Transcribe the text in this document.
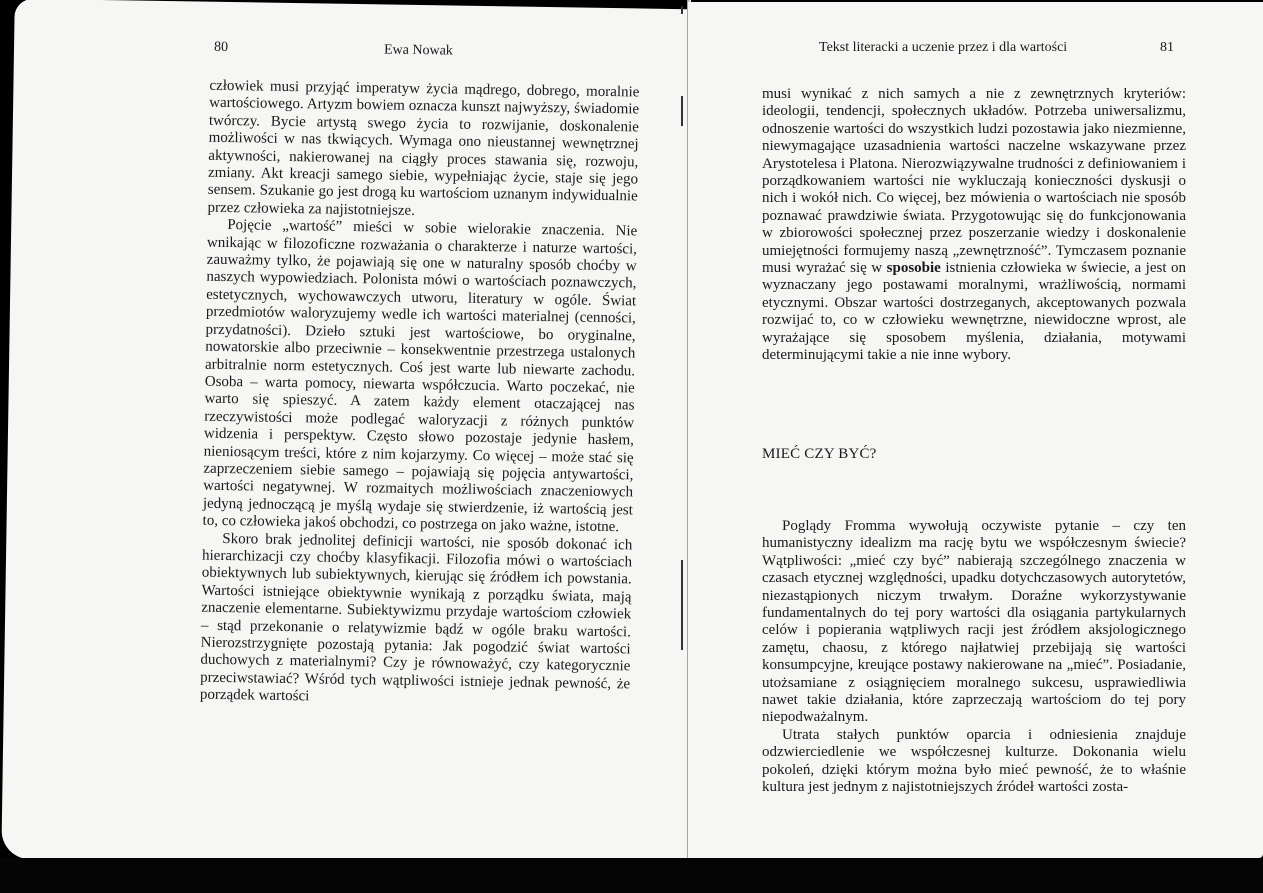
80	Ewa Nowak

człowiek musi przyjąć imperatyw życia mądrego, dobrego, moralnie wartościowego. Artyzm bowiem oznacza kunszt najwyższy, świadomie twórczy. Bycie artystą swego życia to rozwijanie, doskonalenie możliwości w nas tkwiących. Wymaga ono nieustannej wewnętrznej aktywności, nakierowanej na ciągły proces stawania się, rozwoju, zmiany. Akt kreacji samego siebie, wypełniając życie, staje się jego sensem. Szukanie go jest drogą ku wartościom uznanym indywidualnie przez człowieka za najistotniejsze.

Pojęcie „wartość” mieści w sobie wielorakie znaczenia. Nie wnikając w filozoficzne rozważania o charakterze i naturze wartości, zauważmy tylko, że pojawiają się one w naturalny sposób choćby w naszych wypowiedziach. Polonista mówi o wartościach poznawczych, estetycznych, wychowawczych utworu, literatury w ogóle. Świat przedmiotów waloryzujemy wedle ich wartości materialnej (cenności, przydatności). Dzieło sztuki jest wartościowe, bo oryginalne, nowatorskie albo przeciwnie – konsekwentnie przestrzega ustalonych arbitralnie norm estetycznych. Coś jest warte lub niewarte zachodu. Osoba – warta pomocy, niewarta współczucia. Warto poczekać, nie warto się spieszyć. A zatem każdy element otaczającej nas rzeczywistości może podlegać waloryzacji z różnych punktów widzenia i perspektyw. Często słowo pozostaje jedynie hasłem, nieniosącym treści, które z nim kojarzymy. Co więcej – może stać się zaprzeczeniem siebie samego – pojawiają się pojęcia antywartości, wartości negatywnej. W rozmaitych możliwościach znaczeniowych jedyną jednoczącą je myślą wydaje się stwierdzenie, iż wartością jest to, co człowieka jakoś obchodzi, co postrzega on jako ważne, istotne.

Skoro brak jednolitej definicji wartości, nie sposób dokonać ich hierarchizacji czy choćby klasyfikacji. Filozofia mówi o wartościach obiektywnych lub subiektywnych, kierując się źródłem ich powstania. Wartości istniejące obiektywnie wynikają z porządku świata, mają znaczenie elementarne. Subiektywizmu przydaje wartościom człowiek – stąd przekonanie o relatywizmie bądź w ogóle braku wartości. Nierozstrzygnięte pozostają pytania: Jak pogodzić świat wartości duchowych z materialnymi? Czy je równoważyć, czy kategorycznie przeciwstawiać? Wśród tych wątpliwości istnieje jednak pewność, że porządek wartości

Tekst literacki a uczenie przez i dla wartości	81

musi wynikać z nich samych a nie z zewnętrznych kryteriów: ideologii, tendencji, społecznych układów. Potrzeba uniwersalizmu, odnoszenie wartości do wszystkich ludzi pozostawia jako niezmienne, niewymagające uzasadnienia wartości naczelne wskazywane przez Arystotelesa i Platona. Nierozwiązywalne trudności z definiowaniem i porządkowaniem wartości nie wykluczają konieczności dyskusji o nich i wokół nich. Co więcej, bez mówienia o wartościach nie sposób poznawać prawdziwie świata. Przygotowując się do funkcjonowania w zbiorowości społecznej przez poszerzanie wiedzy i doskonalenie umiejętności formujemy naszą „zewnętrzność”. Tymczasem poznanie musi wyrażać się w sposobie istnienia człowieka w świecie, a jest on wyznaczany jego postawami moralnymi, wrażliwością, normami etycznymi. Obszar wartości dostrzeganych, akceptowanych pozwala rozwijać to, co w człowieku wewnętrzne, niewidoczne wprost, ale wyrażające się sposobem myślenia, działania, motywami determinującymi takie a nie inne wybory.

MIEĆ CZY BYĆ?

Poglądy Fromma wywołują oczywiste pytanie – czy ten humanistyczny idealizm ma rację bytu we współczesnym świecie? Wątpliwości: „mieć czy być” nabierają szczególnego znaczenia w czasach etycznej względności, upadku dotychczasowych autorytetów, niezastąpionych niczym trwałym. Doraźne wykorzystywanie fundamentalnych do tej pory wartości dla osiągania partykularnych celów i popierania wątpliwych racji jest źródłem aksjologicznego zamętu, chaosu, z którego najłatwiej przebijają się wartości konsumpcyjne, kreujące postawy nakierowane na „mieć”. Posiadanie, utożsamiane z osiągnięciem moralnego sukcesu, usprawiedliwia nawet takie działania, które zaprzeczają wartościom do tej pory niepodważalnym.

Utrata stałych punktów oparcia i odniesienia znajduje odzwierciedlenie we współczesnej kulturze. Dokonania wielu pokoleń, dzięki którym można było mieć pewność, że to właśnie kultura jest jednym z najistotniejszych źródeł wartości zosta-
